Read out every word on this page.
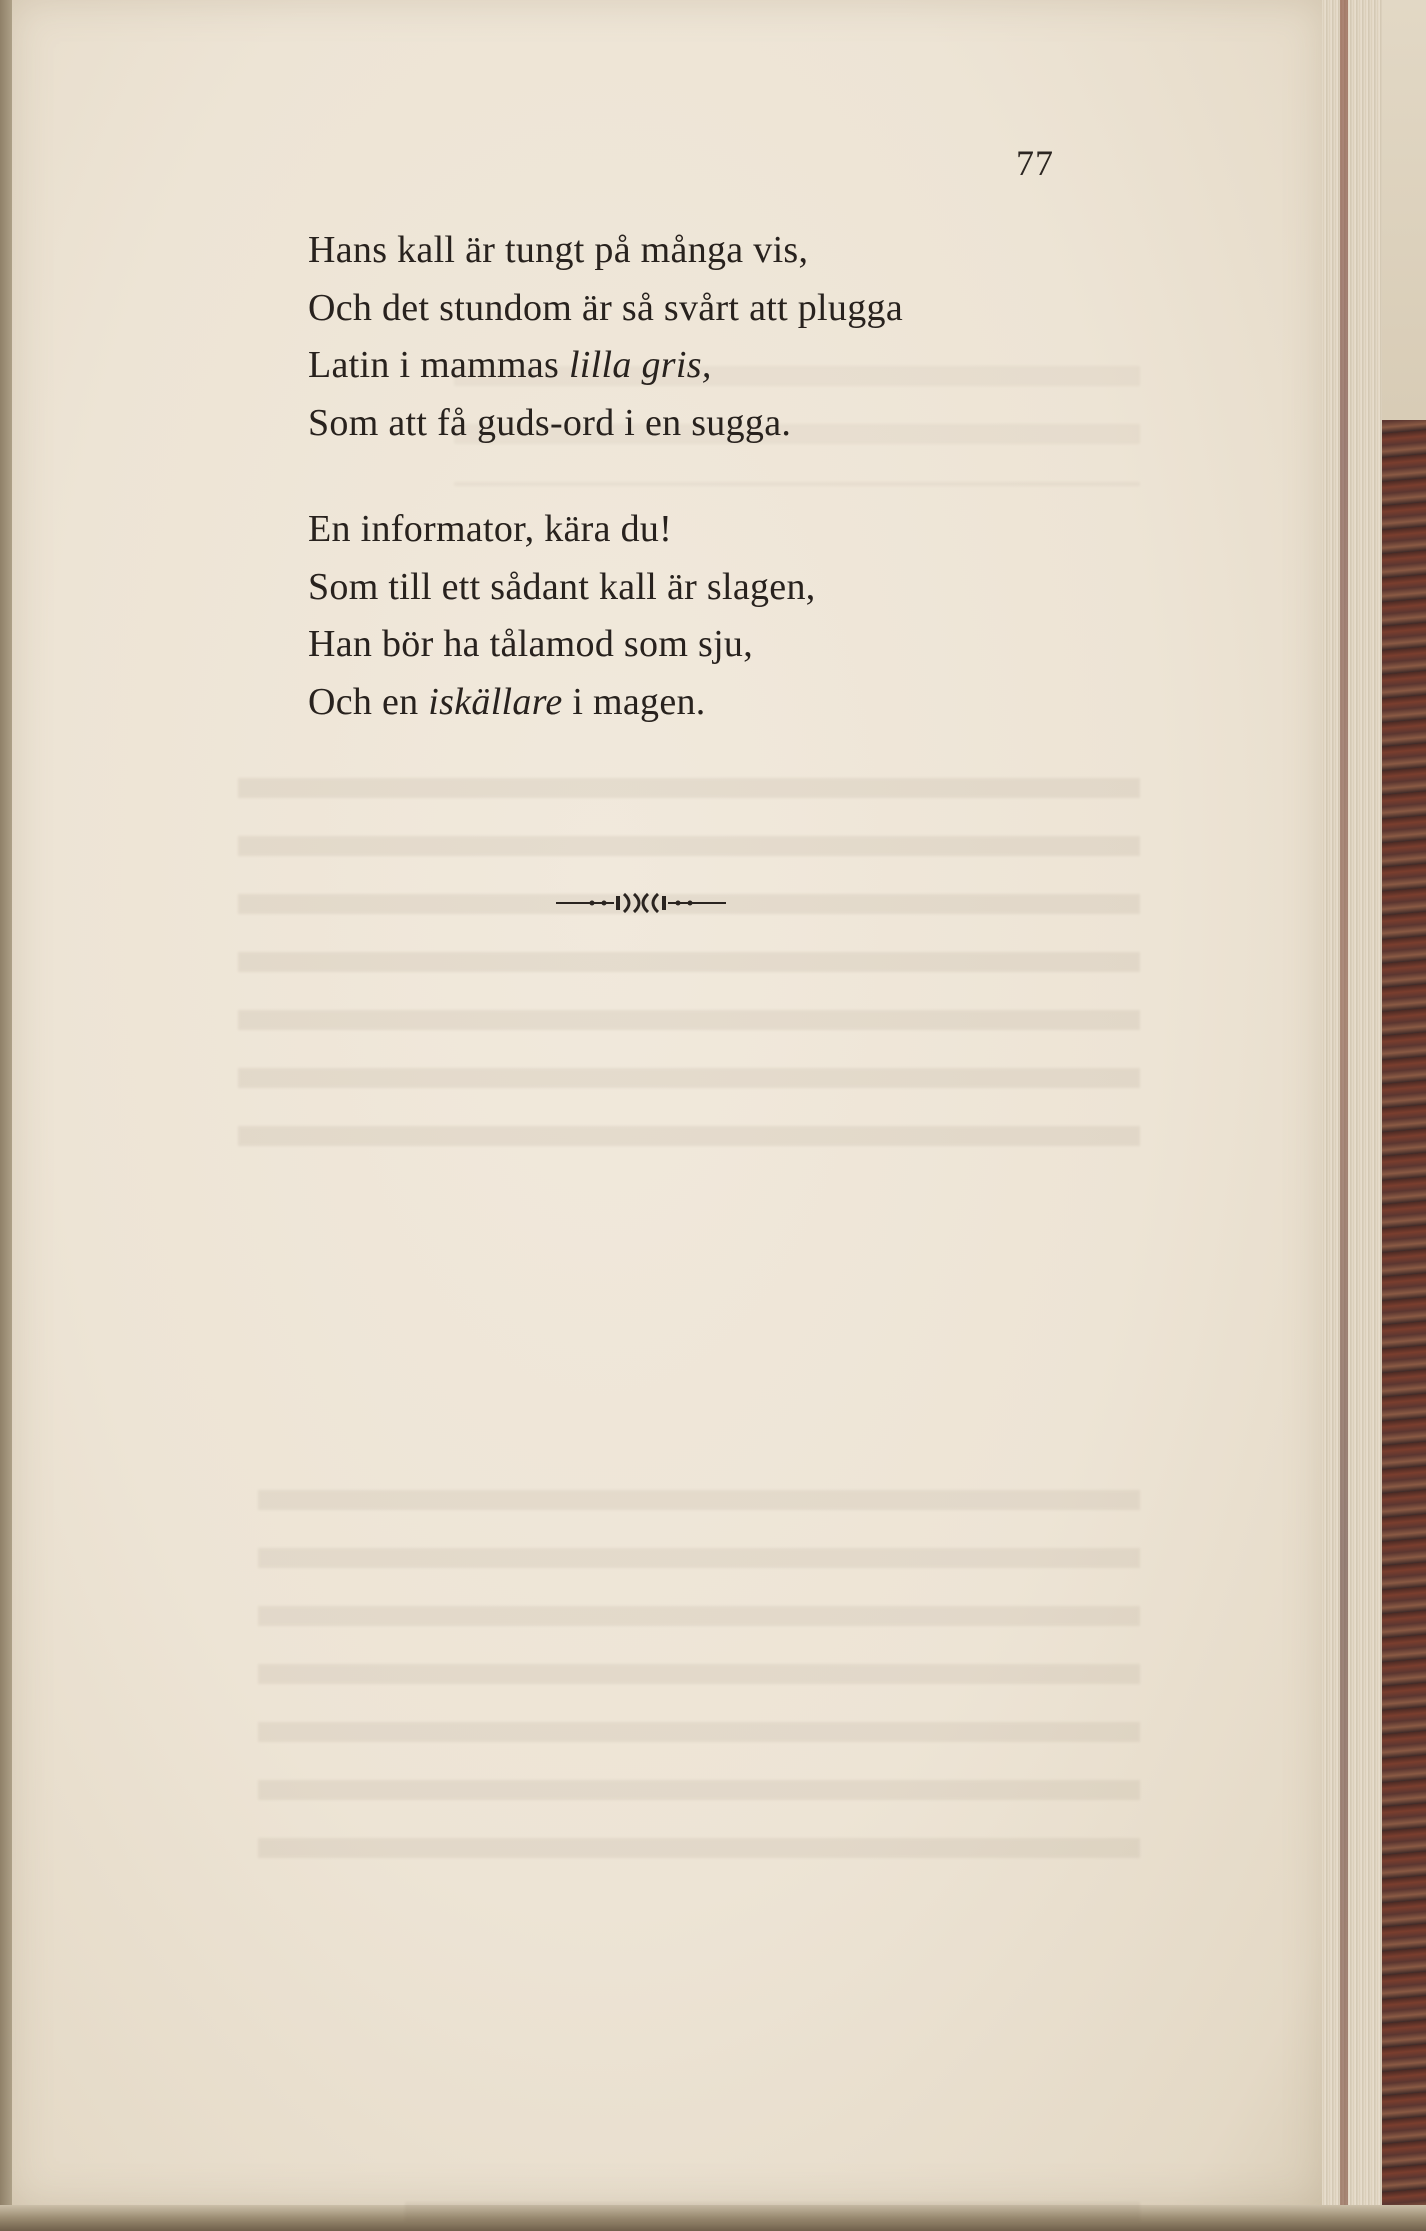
77
Hans kall är tungt på många vis,
Och det stundom är så svårt att plugga
Latin i mammas lilla gris,
Som att få guds-ord i en sugga.
En informator, kära du!
Som till ett sådant kall är slagen,
Han bör ha tålamod som sju,
Och en iskällare i magen.
